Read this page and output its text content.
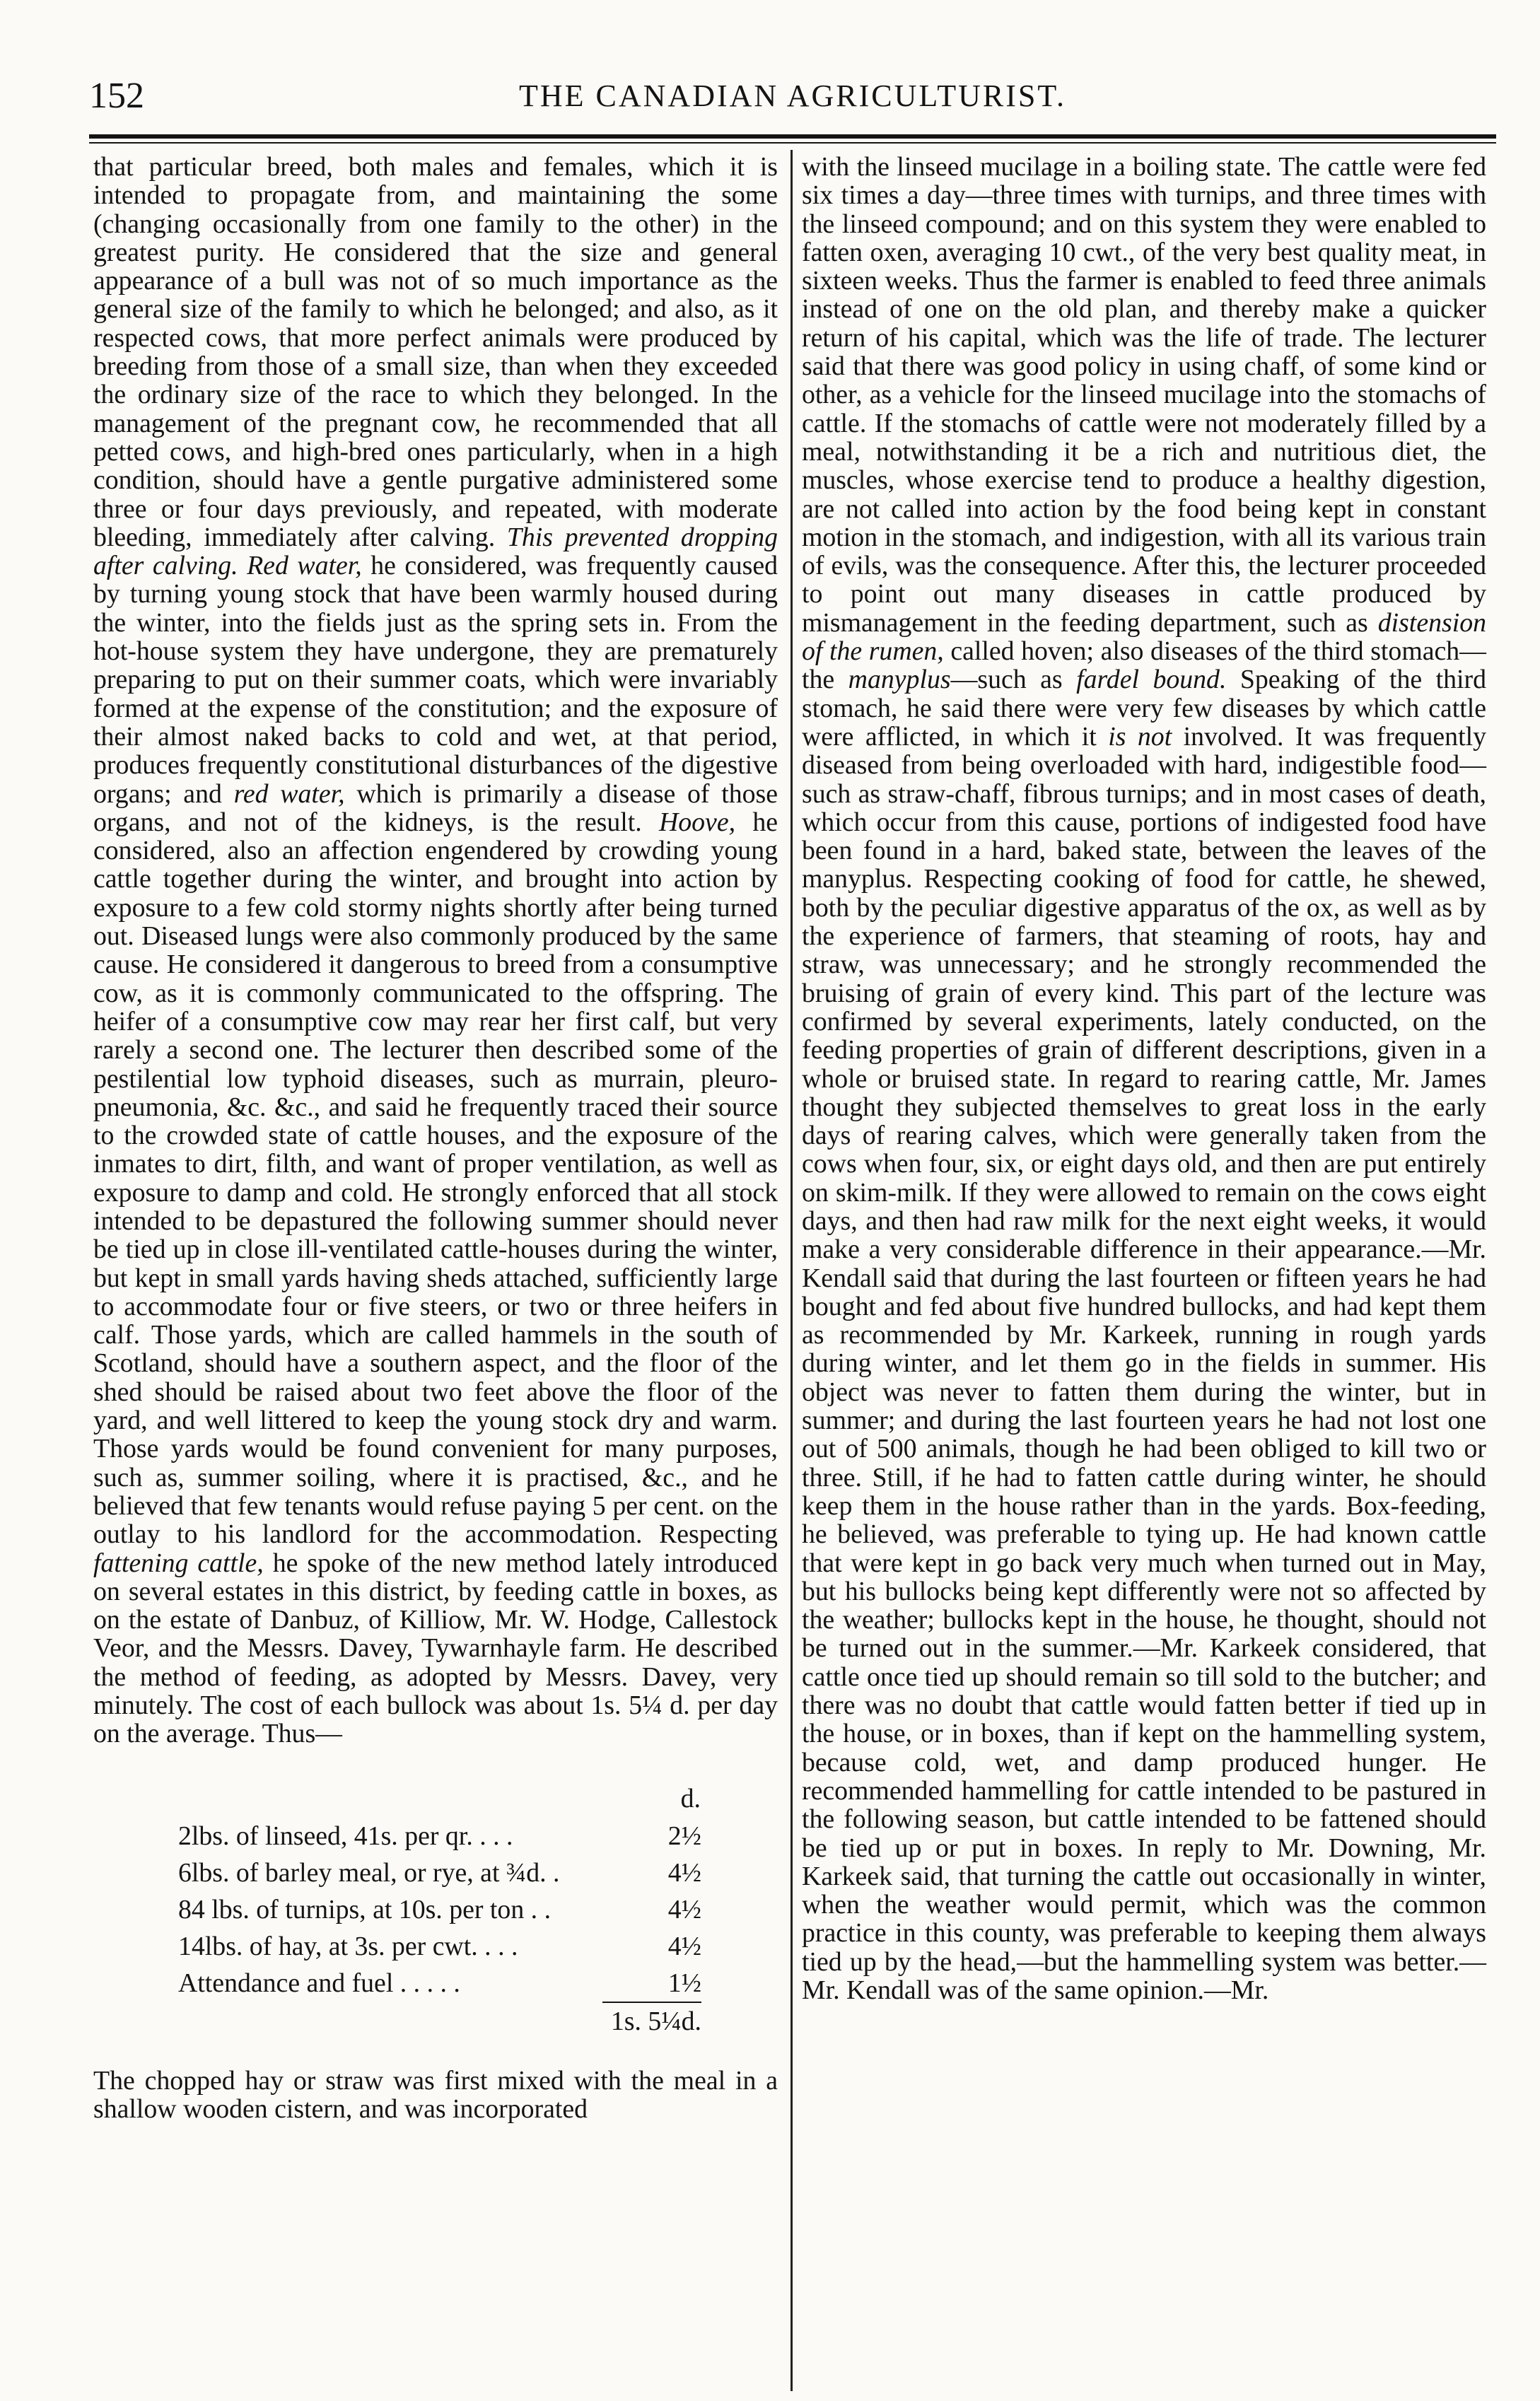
152	THE CANADIAN AGRICULTURIST.

that particular breed, both males and females, which it is intended to propagate from, and maintaining the some (changing occasionally from one family to the other) in the greatest purity. He considered that the size and general appearance of a bull was not of so much importance as the general size of the family to which he belonged; and also, as it respected cows, that more perfect animals were produced by breeding from those of a small size, than when they exceeded the ordinary size of the race to which they belonged. In the management of the pregnant cow, he recommended that all petted cows, and high-bred ones particularly, when in a high condition, should have a gentle purgative administered some three or four days previously, and repeated, with moderate bleeding, immediately after calving. This prevented dropping after calving. Red water, he considered, was frequently caused by turning young stock that have been warmly housed during the winter, into the fields just as the spring sets in. From the hot-house system they have undergone, they are prematurely preparing to put on their summer coats, which were invariably formed at the expense of the constitution; and the exposure of their almost naked backs to cold and wet, at that period, produces frequently constitutional disturbances of the digestive organs; and red water, which is primarily a disease of those organs, and not of the kidneys, is the result. Hoove, he considered, also an affection engendered by crowding young cattle together during the winter, and brought into action by exposure to a few cold stormy nights shortly after being turned out. Diseased lungs were also commonly produced by the same cause. He considered it dangerous to breed from a consumptive cow, as it is commonly communicated to the offspring. The heifer of a consumptive cow may rear her first calf, but very rarely a second one. The lecturer then described some of the pestilential low typhoid diseases, such as murrain, pleuro-pneumonia, &c. &c., and said he frequently traced their source to the crowded state of cattle houses, and the exposure of the inmates to dirt, filth, and want of proper ventilation, as well as exposure to damp and cold. He strongly enforced that all stock intended to be depastured the following summer should never be tied up in close ill-ventilated cattle-houses during the winter, but kept in small yards having sheds attached, sufficiently large to accommodate four or five steers, or two or three heifers in calf. Those yards, which are called hammels in the south of Scotland, should have a southern aspect, and the floor of the shed should be raised about two feet above the floor of the yard, and well littered to keep the young stock dry and warm. Those yards would be found convenient for many purposes, such as, summer soiling, where it is practised, &c., and he believed that few tenants would refuse paying 5 per cent. on the outlay to his landlord for the accommodation. Respecting fattening cattle, he spoke of the new method lately introduced on several estates in this district, by feeding cattle in boxes, as on the estate of Danbuz, of Killiow, Mr. W. Hodge, Callestock Veor, and the Messrs. Davey, Tywarnhayle farm. He described the method of feeding, as adopted by Messrs. Davey, very minutely. The cost of each bullock was about 1s. 5¼ d. per day on the average. Thus—

	d.
2lbs. of linseed, 41s. per qr. . . .	2½
6lbs. of barley meal, or rye, at ¾d. .	4½
84 lbs. of turnips, at 10s. per ton . .	4½
14lbs. of hay, at 3s. per cwt. . . .	4½
Attendance and fuel . . . . .	1½
	1s. 5¼d.

The chopped hay or straw was first mixed with the meal in a shallow wooden cistern, and was incorporated

with the linseed mucilage in a boiling state. The cattle were fed six times a day—three times with turnips, and three times with the linseed compound; and on this system they were enabled to fatten oxen, averaging 10 cwt., of the very best quality meat, in sixteen weeks. Thus the farmer is enabled to feed three animals instead of one on the old plan, and thereby make a quicker return of his capital, which was the life of trade. The lecturer said that there was good policy in using chaff, of some kind or other, as a vehicle for the linseed mucilage into the stomachs of cattle. If the stomachs of cattle were not moderately filled by a meal, notwithstanding it be a rich and nutritious diet, the muscles, whose exercise tend to produce a healthy digestion, are not called into action by the food being kept in constant motion in the stomach, and indigestion, with all its various train of evils, was the consequence. After this, the lecturer proceeded to point out many diseases in cattle produced by mismanagement in the feeding department, such as distension of the rumen, called hoven; also diseases of the third stomach—the manyplus—such as fardel bound. Speaking of the third stomach, he said there were very few diseases by which cattle were afflicted, in which it is not involved. It was frequently diseased from being overloaded with hard, indigestible food—such as straw-chaff, fibrous turnips; and in most cases of death, which occur from this cause, portions of indigested food have been found in a hard, baked state, between the leaves of the manyplus. Respecting cooking of food for cattle, he shewed, both by the peculiar digestive apparatus of the ox, as well as by the experience of farmers, that steaming of roots, hay and straw, was unnecessary; and he strongly recommended the bruising of grain of every kind. This part of the lecture was confirmed by several experiments, lately conducted, on the feeding properties of grain of different descriptions, given in a whole or bruised state. In regard to rearing cattle, Mr. James thought they subjected themselves to great loss in the early days of rearing calves, which were generally taken from the cows when four, six, or eight days old, and then are put entirely on skim-milk. If they were allowed to remain on the cows eight days, and then had raw milk for the next eight weeks, it would make a very considerable difference in their appearance.—Mr. Kendall said that during the last fourteen or fifteen years he had bought and fed about five hundred bullocks, and had kept them as recommended by Mr. Karkeek, running in rough yards during winter, and let them go in the fields in summer. His object was never to fatten them during the winter, but in summer; and during the last fourteen years he had not lost one out of 500 animals, though he had been obliged to kill two or three. Still, if he had to fatten cattle during winter, he should keep them in the house rather than in the yards. Box-feeding, he believed, was preferable to tying up. He had known cattle that were kept in go back very much when turned out in May, but his bullocks being kept differently were not so affected by the weather; bullocks kept in the house, he thought, should not be turned out in the summer.—Mr. Karkeek considered, that cattle once tied up should remain so till sold to the butcher; and there was no doubt that cattle would fatten better if tied up in the house, or in boxes, than if kept on the hammelling system, because cold, wet, and damp produced hunger. He recommended hammelling for cattle intended to be pastured in the following season, but cattle intended to be fattened should be tied up or put in boxes. In reply to Mr. Downing, Mr. Karkeek said, that turning the cattle out occasionally in winter, when the weather would permit, which was the common practice in this county, was preferable to keeping them always tied up by the head,—but the hammelling system was better.—Mr. Kendall was of the same opinion.—Mr.
